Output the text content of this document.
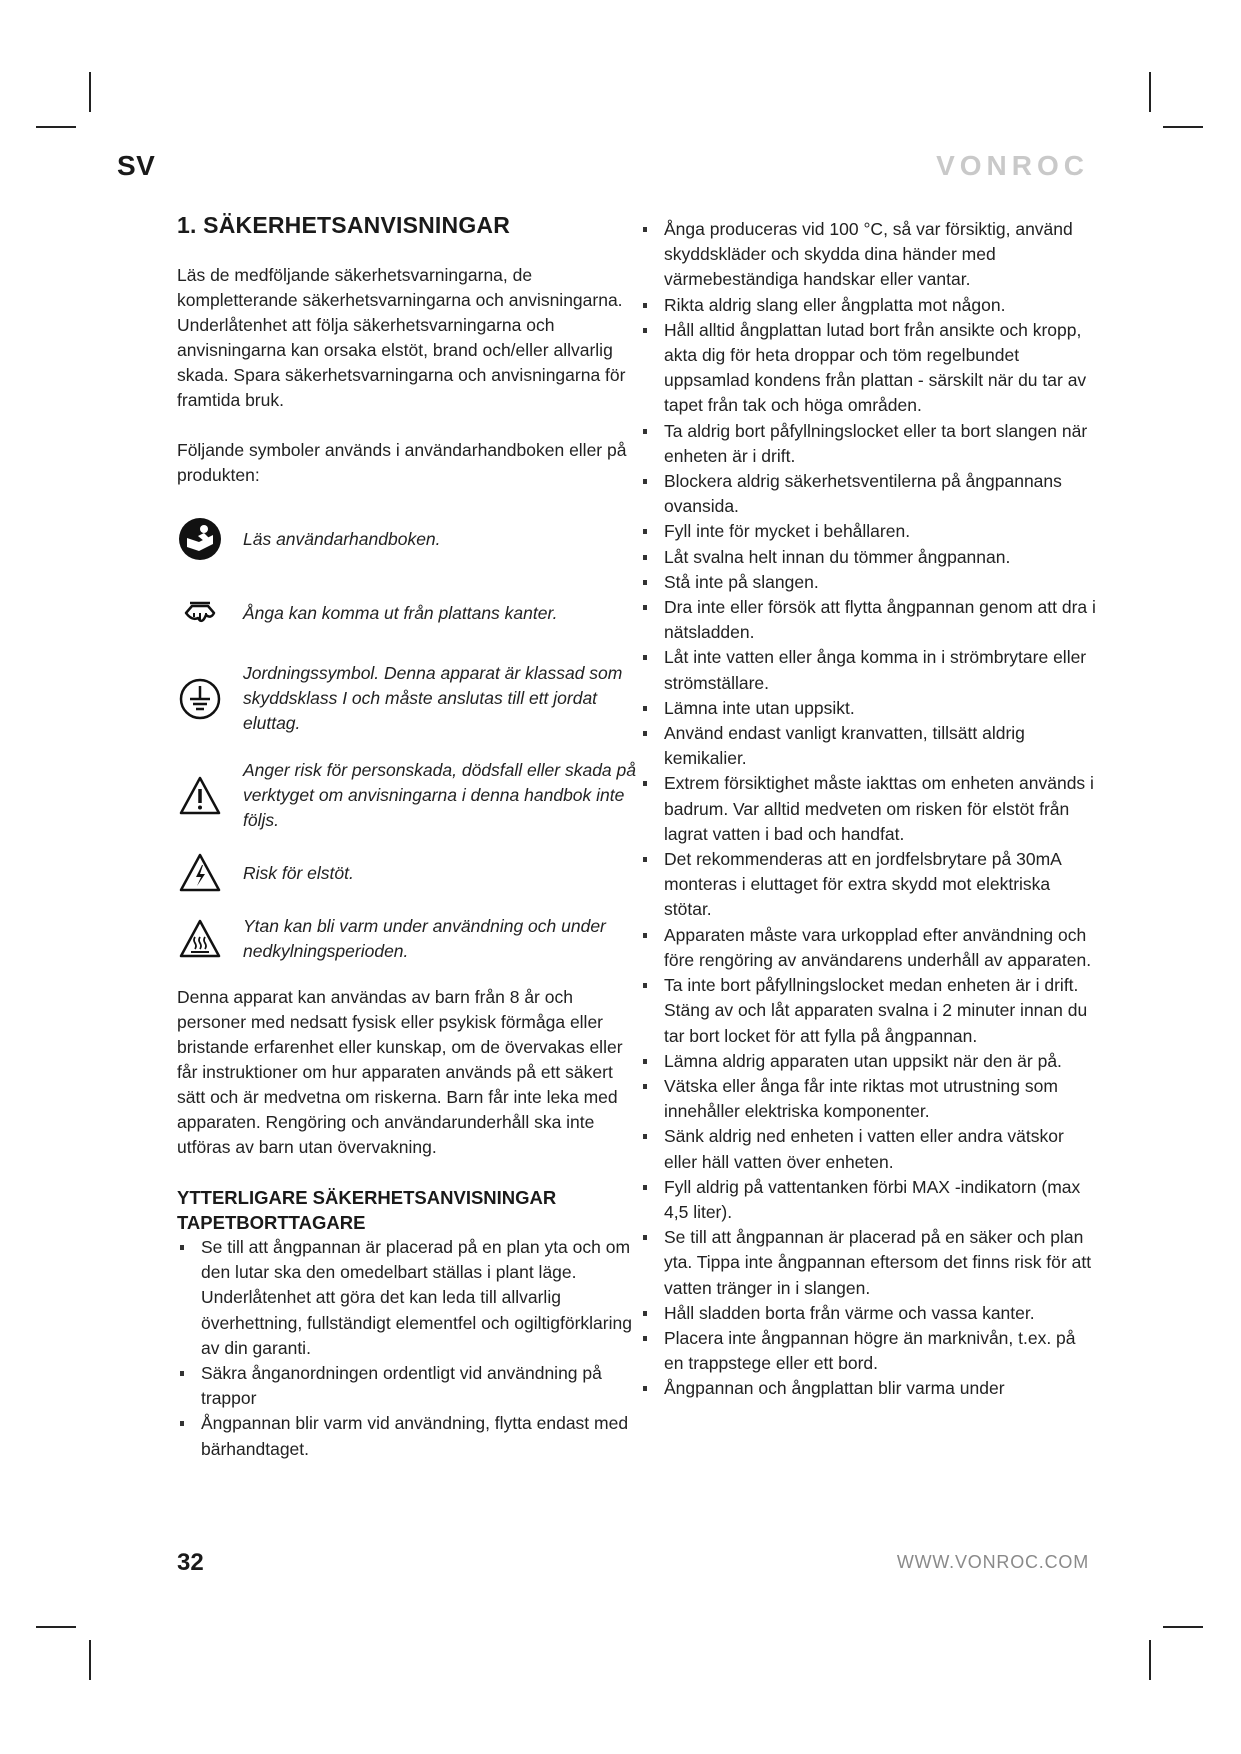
SV	VONROC
1. SÄKERHETSANVISNINGAR

Läs de medföljande säkerhetsvarningarna, de kompletterande säkerhetsvarningarna och anvisningarna. Underlåtenhet att följa säkerhetsvarningarna och anvisningarna kan orsaka elstöt, brand och/eller allvarlig skada. Spara säkerhetsvarningarna och anvisningarna för framtida bruk.

Följande symboler används i användarhandboken eller på produkten:

Läs användarhandboken.
Ånga kan komma ut från plattans kanter.
Jordningssymbol. Denna apparat är klassad som skyddsklass I och måste anslutas till ett jordat eluttag.
Anger risk för personskada, dödsfall eller skada på verktyget om anvisningarna i denna handbok inte följs.
Risk för elstöt.
Ytan kan bli varm under användning och under nedkylningsperioden.

Denna apparat kan användas av barn från 8 år och personer med nedsatt fysisk eller psykisk förmåga eller bristande erfarenhet eller kunskap, om de övervakas eller får instruktioner om hur apparaten används på ett säkert sätt och är medvetna om riskerna. Barn får inte leka med apparaten. Rengöring och användarunderhåll ska inte utföras av barn utan övervakning.

YTTERLIGARE SÄKERHETSANVISNINGAR
TAPETBORTTAGARE
Se till att ångpannan är placerad på en plan yta och om den lutar ska den omedelbart ställas i plant läge. Underlåtenhet att göra det kan leda till allvarlig överhettning, fullständigt elementfel och ogiltigförklaring av din garanti.
Säkra ånganordningen ordentligt vid användning på trappor
Ångpannan blir varm vid användning, flytta endast med bärhandtaget.
Ånga produceras vid 100 °C, så var försiktig, använd skyddskläder och skydda dina händer med värmebeständiga handskar eller vantar.
Rikta aldrig slang eller ångplatta mot någon.
Håll alltid ångplattan lutad bort från ansikte och kropp, akta dig för heta droppar och töm regelbundet uppsamlad kondens från plattan - särskilt när du tar av tapet från tak och höga områden.
Ta aldrig bort påfyllningslocket eller ta bort slangen när enheten är i drift.
Blockera aldrig säkerhetsventilerna på ångpannans ovansida.
Fyll inte för mycket i behållaren.
Låt svalna helt innan du tömmer ångpannan.
Stå inte på slangen.
Dra inte eller försök att flytta ångpannan genom att dra i nätsladden.
Låt inte vatten eller ånga komma in i strömbrytare eller strömställare.
Lämna inte utan uppsikt.
Använd endast vanligt kranvatten, tillsätt aldrig kemikalier.
Extrem försiktighet måste iakttas om enheten används i badrum. Var alltid medveten om risken för elstöt från lagrat vatten i bad och handfat.
Det rekommenderas att en jordfelsbrytare på 30mA monteras i eluttaget för extra skydd mot elektriska stötar.
Apparaten måste vara urkopplad efter användning och före rengöring av användarens underhåll av apparaten.
Ta inte bort påfyllningslocket medan enheten är i drift. Stäng av och låt apparaten svalna i 2 minuter innan du tar bort locket för att fylla på ångpannan.
Lämna aldrig apparaten utan uppsikt när den är på.
Vätska eller ånga får inte riktas mot utrustning som innehåller elektriska komponenter.
Sänk aldrig ned enheten i vatten eller andra vätskor eller häll vatten över enheten.
Fyll aldrig på vattentanken förbi MAX -indikatorn (max 4,5 liter).
Se till att ångpannan är placerad på en säker och plan yta. Tippa inte ångpannan eftersom det finns risk för att vatten tränger in i slangen.
Håll sladden borta från värme och vassa kanter.
Placera inte ångpannan högre än marknivån, t.ex. på en trappstege eller ett bord.
Ångpannan och ångplattan blir varma under
32	WWW.VONROC.COM
